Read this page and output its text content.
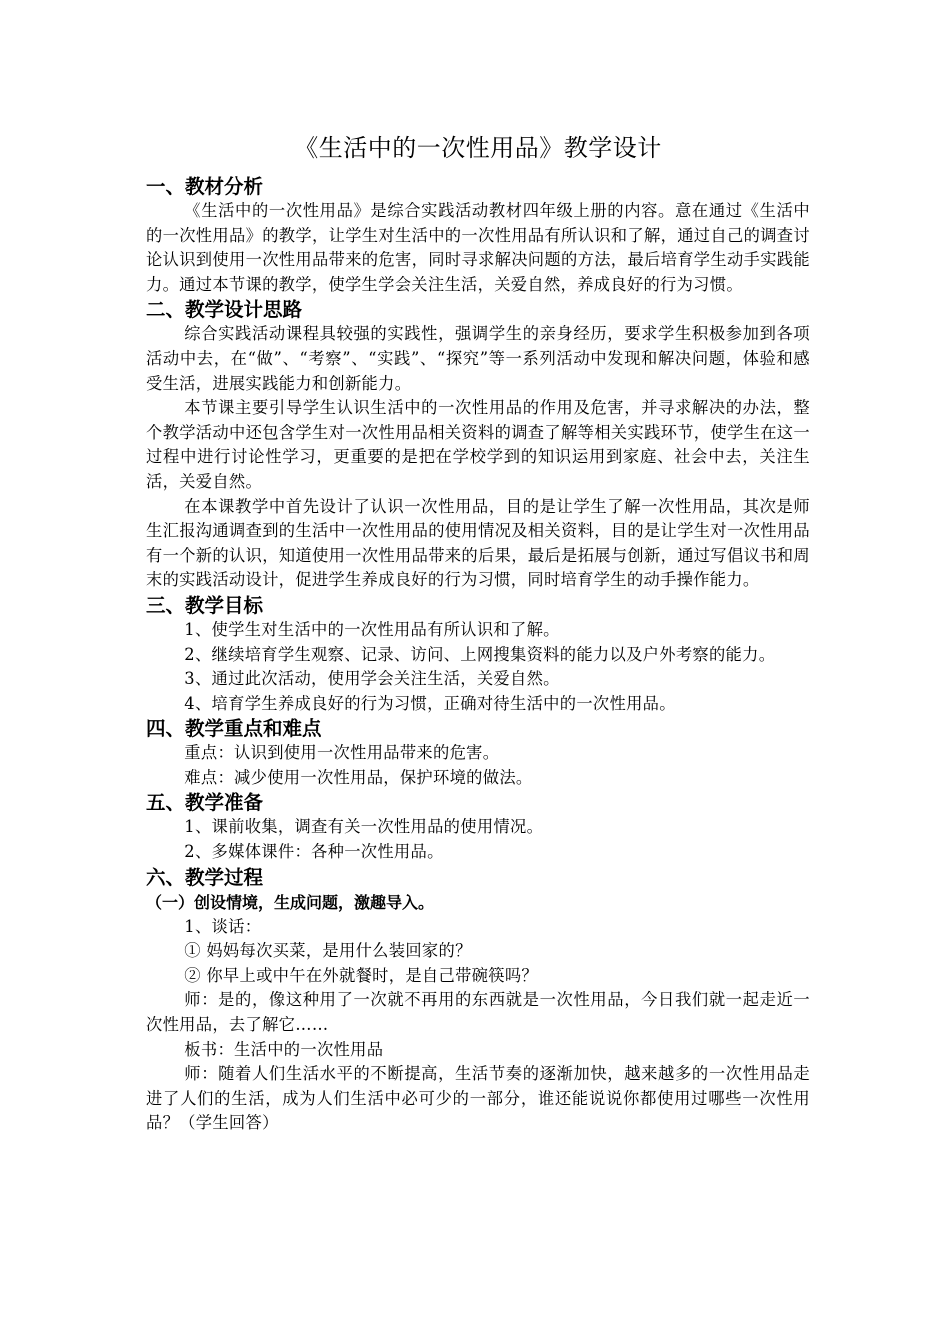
《生活中的一次性用品》教学设计
一、教材分析

《生活中的一次性用品》是综合实践活动教材四年级上册的内容。意在通过《生活中的一次性用品》的教学，让学生对生活中的一次性用品有所认识和了解，通过自己的调查讨论认识到使用一次性用品带来的危害，同时寻求解决问题的方法，最后培育学生动手实践能力。通过本节课的教学，使学生学会关注生活，关爱自然，养成良好的行为习惯。

二、教学设计思路

综合实践活动课程具较强的实践性，强调学生的亲身经历，要求学生积极参加到各项活动中去，在“做”、“考察”、“实践”、“探究”等一系列活动中发现和解决问题，体验和感受生活，进展实践能力和创新能力。

本节课主要引导学生认识生活中的一次性用品的作用及危害，并寻求解决的办法，整个教学活动中还包含学生对一次性用品相关资料的调查了解等相关实践环节，使学生在这一过程中进行讨论性学习，更重要的是把在学校学到的知识运用到家庭、社会中去，关注生活，关爱自然。

在本课教学中首先设计了认识一次性用品，目的是让学生了解一次性用品，其次是师生汇报沟通调查到的生活中一次性用品的使用情况及相关资料，目的是让学生对一次性用品有一个新的认识，知道使用一次性用品带来的后果，最后是拓展与创新，通过写倡议书和周末的实践活动设计，促进学生养成良好的行为习惯，同时培育学生的动手操作能力。

三、教学目标

1、使学生对生活中的一次性用品有所认识和了解。

2、继续培育学生观察、记录、访问、上网搜集资料的能力以及户外考察的能力。

3、通过此次活动，使用学会关注生活，关爱自然。

4、培育学生养成良好的行为习惯，正确对待生活中的一次性用品。

四、教学重点和难点

重点：认识到使用一次性用品带来的危害。

难点：减少使用一次性用品，保护环境的做法。

五、教学准备

1、课前收集，调查有关一次性用品的使用情况。

2、多媒体课件：各种一次性用品。

六、教学过程
（一）创设情境，生成问题，激趣导入。

1、谈话：

① 妈妈每次买菜，是用什么装回家的？

② 你早上或中午在外就餐时，是自己带碗筷吗？

师：是的，像这种用了一次就不再用的东西就是一次性用品，今日我们就一起走近一次性用品，去了解它……

板书：生活中的一次性用品

师：随着人们生活水平的不断提高，生活节奏的逐渐加快，越来越多的一次性用品走进了人们的生活，成为人们生活中必可少的一部分，谁还能说说你都使用过哪些一次性用品？（学生回答）
